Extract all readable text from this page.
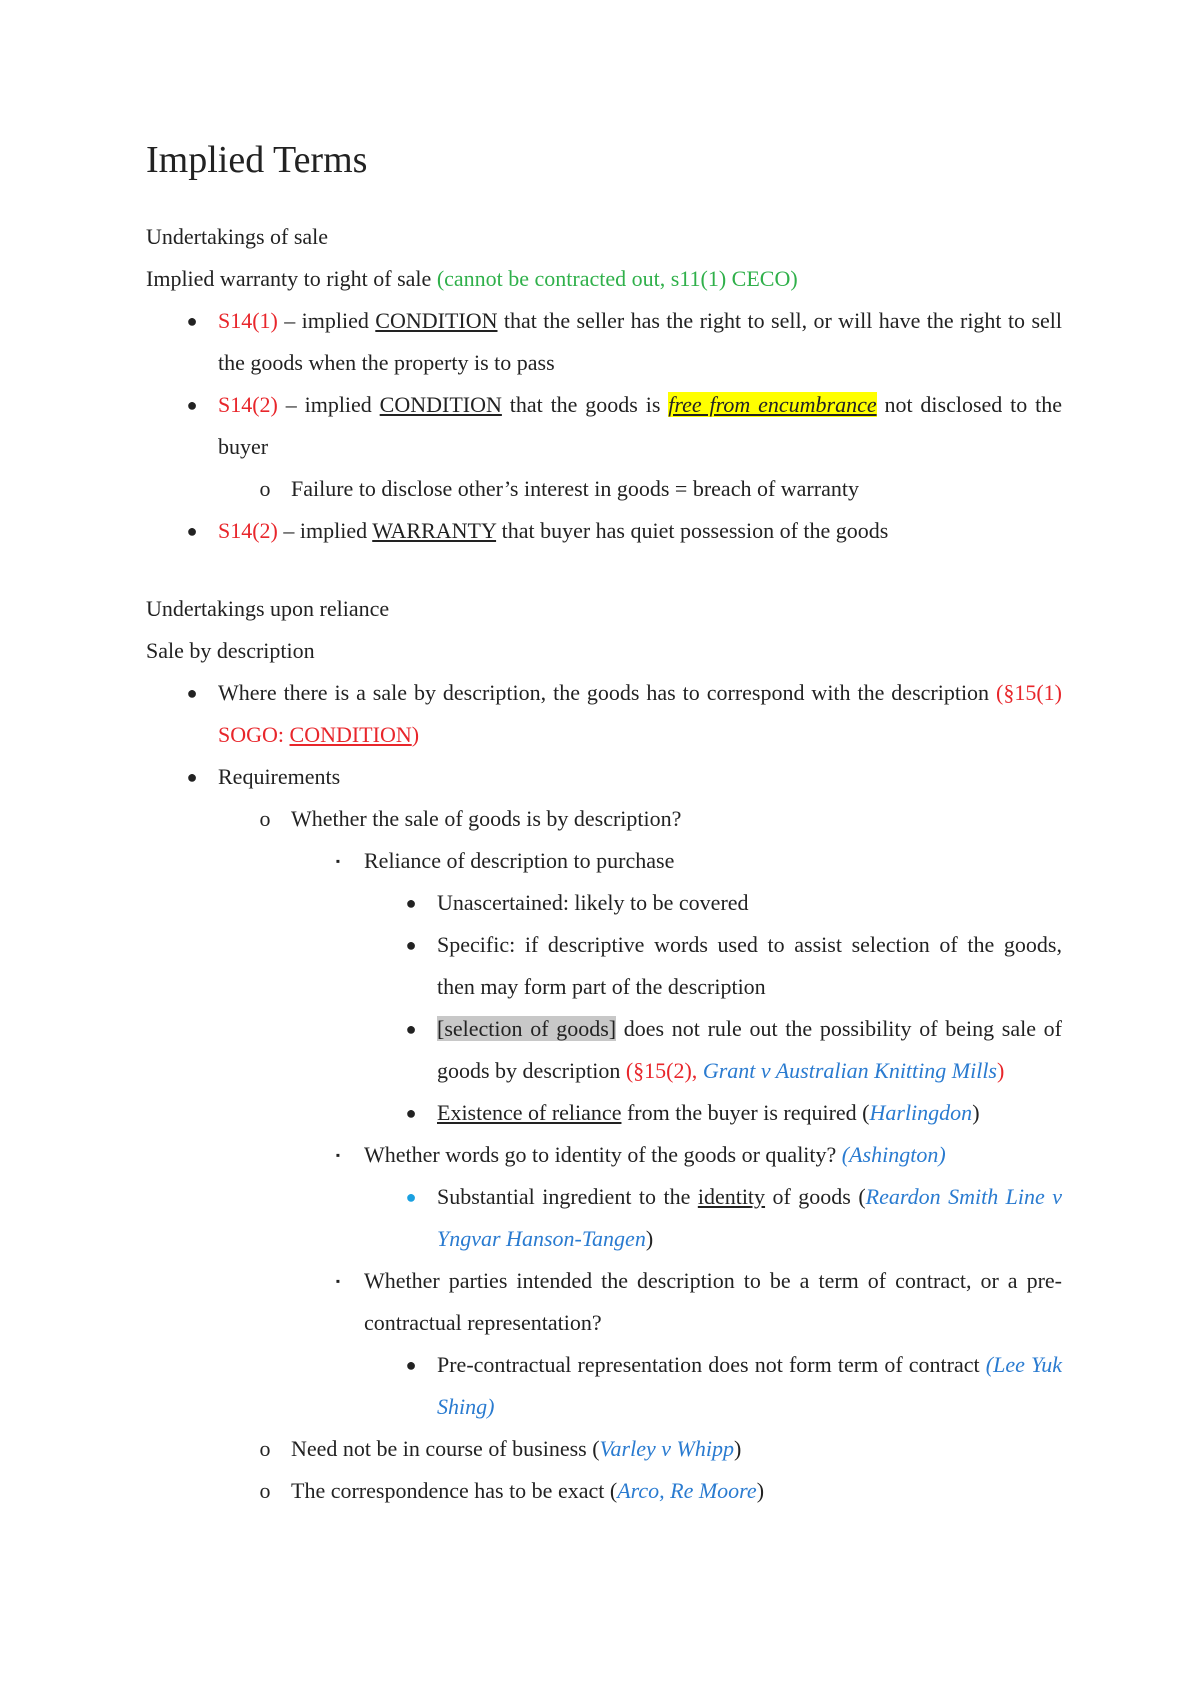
Implied Terms

Undertakings of sale

Implied warranty to right of sale (cannot be contracted out, s11(1) CECO)

● S14(1) – implied CONDITION that the seller has the right to sell, or will have the right to sell the goods when the property is to pass
● S14(2) – implied CONDITION that the goods is free from encumbrance not disclosed to the buyer
o Failure to disclose other’s interest in goods = breach of warranty
● S14(2) – implied WARRANTY that buyer has quiet possession of the goods

Undertakings upon reliance

Sale by description

● Where there is a sale by description, the goods has to correspond with the description (§15(1) SOGO: CONDITION)
● Requirements
o Whether the sale of goods is by description?
▪	Reliance of description to purchase
● Unascertained: likely to be covered
● Specific: if descriptive words used to assist selection of the goods, then may form part of the description
● [selection of goods] does not rule out the possibility of being sale of goods by description (§15(2), Grant v Australian Knitting Mills)
● Existence of reliance from the buyer is required (Harlingdon)
▪	Whether words go to identity of the goods or quality? (Ashington)
● Substantial ingredient to the identity of goods (Reardon Smith Line v Yngvar Hanson-Tangen)
▪	Whether parties intended the description to be a term of contract, or a pre-contractual representation?
● Pre-contractual representation does not form term of contract (Lee Yuk Shing)
o Need not be in course of business (Varley v Whipp)
o The correspondence has to be exact (Arco, Re Moore)
